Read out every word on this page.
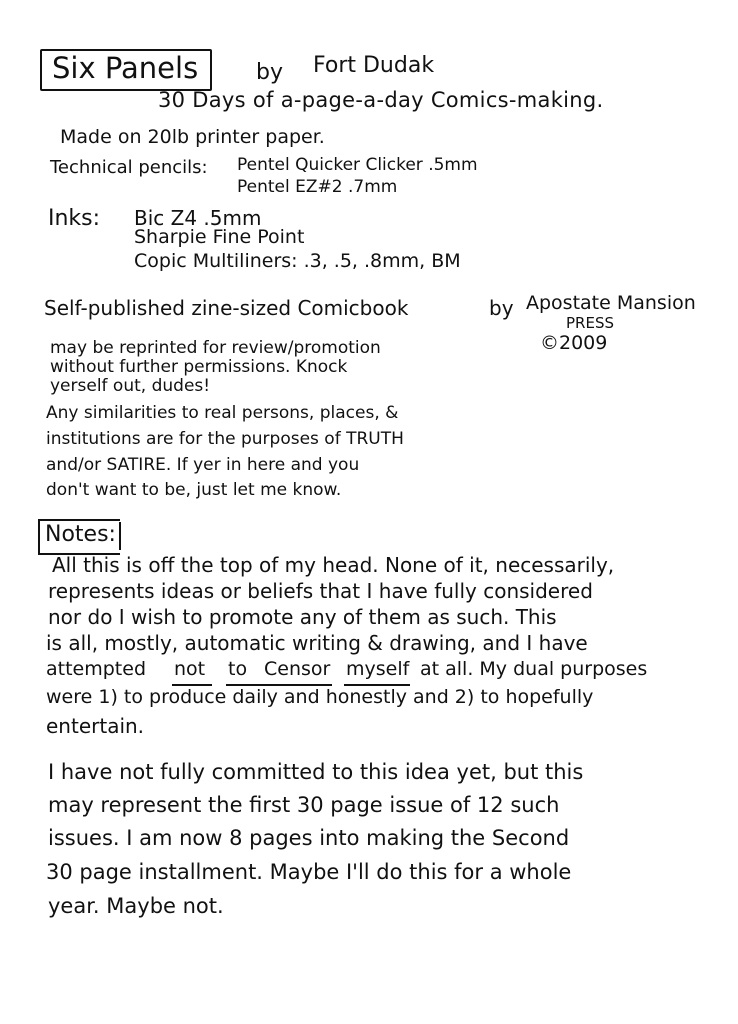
Six Panels	by Fort Dudak
30 Days of a-page-a-day Comics-making.
Made on 20lb printer paper.
Technical pencils: Pentel Quicker Clicker .5mm
Pentel EZ#2 .7mm
Inks: Bic Z4 .5mm
Sharpie Fine Point
Copic Multiliners: .3, .5, .8mm, BM
Self-published zine-sized Comicbook	by Apostate Mansion
PRESS
©2009
may be reprinted for review/promotion
without further permissions. Knock
yerself out, dudes!
Any similarities to real persons, places, &
institutions are for the purposes of TRUTH
and/or SATIRE. If yer in here and you
don't want to be, just let me know.
Notes:
All this is off the top of my head. None of it, necessarily,
represents ideas or beliefs that I have fully considered
nor do I wish to promote any of them as such. This
is all, mostly, automatic writing & drawing, and I have
attempted not to Censor myself at all. My dual purposes
were 1) to produce daily and honestly and 2) to hopefully
entertain.
I have not fully committed to this idea yet, but this
may represent the first 30 page issue of 12 such
issues. I am now 8 pages into making the Second
30 page installment. Maybe I'll do this for a whole
year. Maybe not.
